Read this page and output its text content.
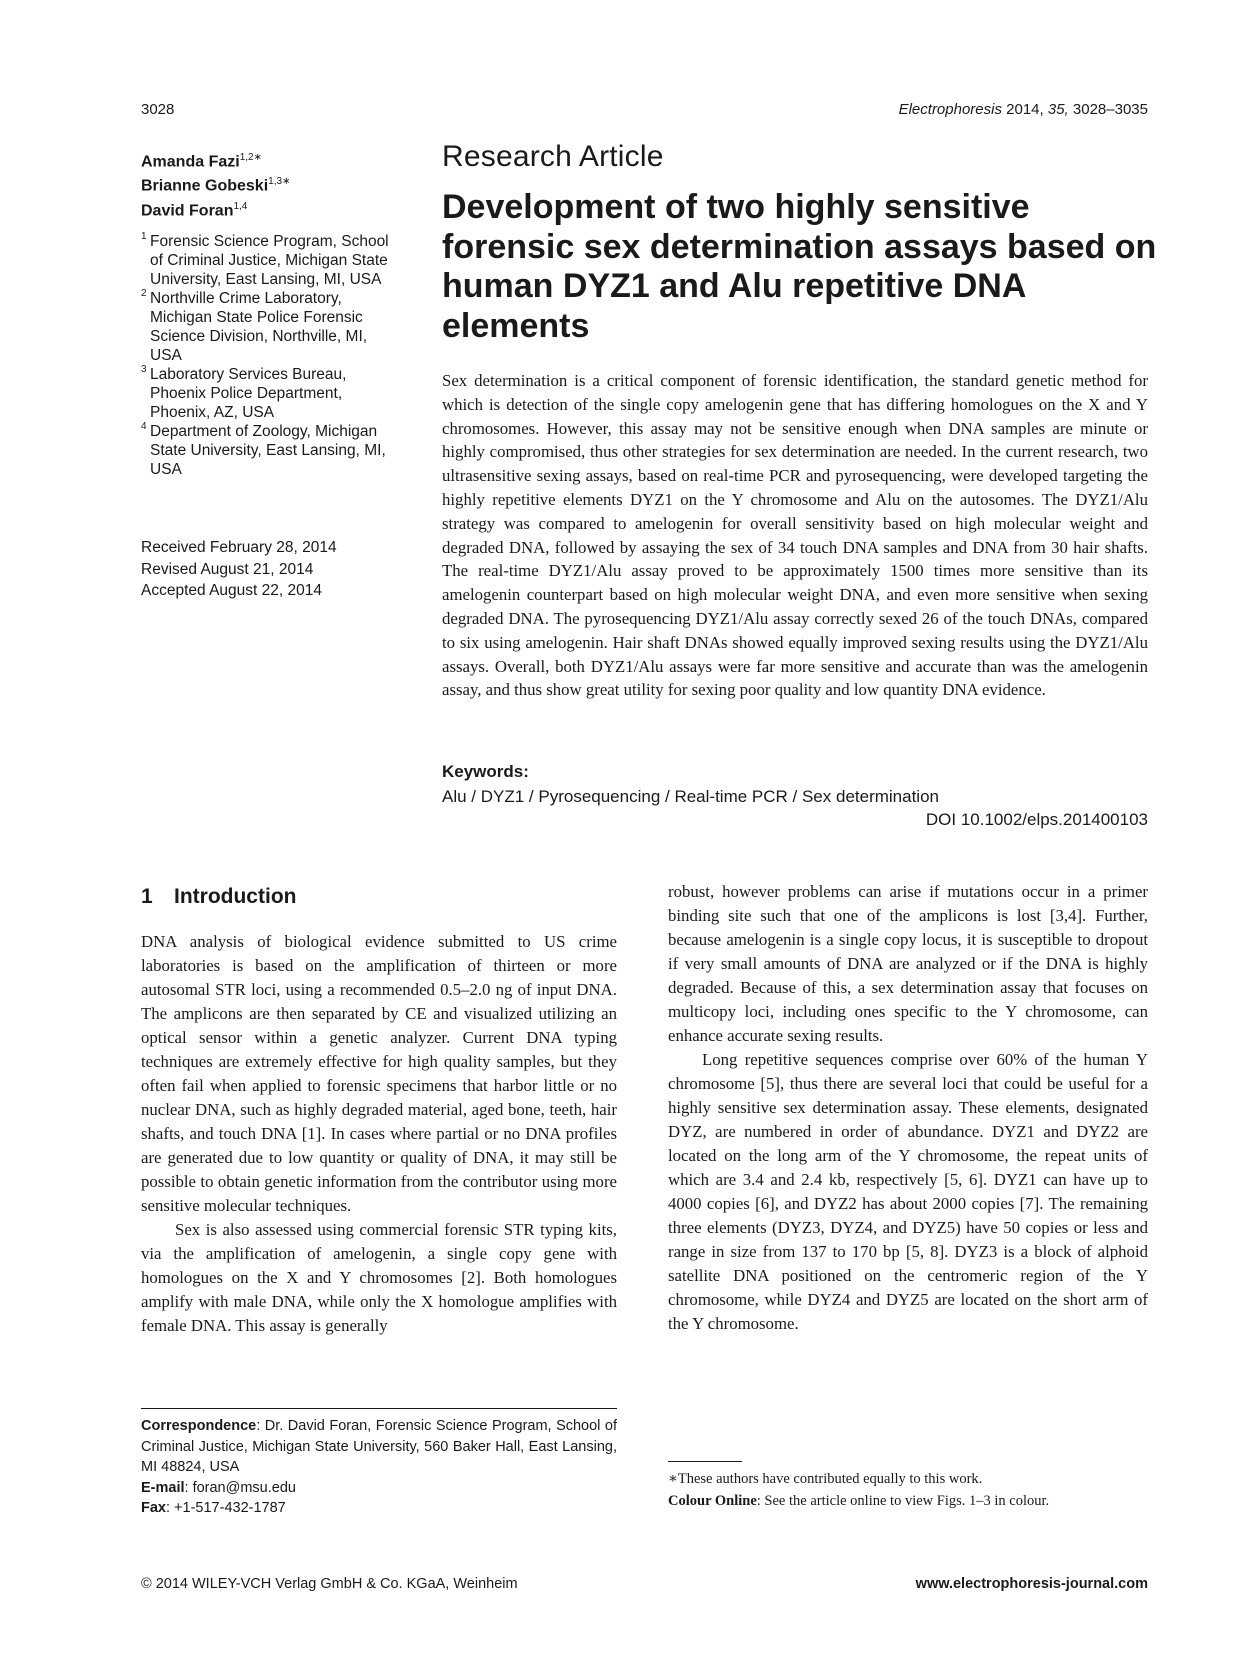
3028	Electrophoresis 2014, 35, 3028–3035
Amanda Fazi$^{1,2∗}$
Brianne Gobeski$^{1,3∗}$
David Foran$^{1,4}$
1 Forensic Science Program, School of Criminal Justice, Michigan State University, East Lansing, MI, USA
2 Northville Crime Laboratory, Michigan State Police Forensic Science Division, Northville, MI, USA
3 Laboratory Services Bureau, Phoenix Police Department, Phoenix, AZ, USA
4 Department of Zoology, Michigan State University, East Lansing, MI, USA
Received February 28, 2014
Revised August 21, 2014
Accepted August 22, 2014
Research Article
Development of two highly sensitive forensic sex determination assays based on human DYZ1 and Alu repetitive DNA elements
Sex determination is a critical component of forensic identification, the standard genetic method for which is detection of the single copy amelogenin gene that has differing homologues on the X and Y chromosomes. However, this assay may not be sensitive enough when DNA samples are minute or highly compromised, thus other strategies for sex determination are needed. In the current research, two ultrasensitive sexing assays, based on real-time PCR and pyrosequencing, were developed targeting the highly repetitive elements DYZ1 on the Y chromosome and Alu on the autosomes. The DYZ1/Alu strategy was compared to amelogenin for overall sensitivity based on high molecular weight and degraded DNA, followed by assaying the sex of 34 touch DNA samples and DNA from 30 hair shafts. The real-time DYZ1/Alu assay proved to be approximately 1500 times more sensitive than its amelogenin counterpart based on high molecular weight DNA, and even more sensitive when sexing degraded DNA. The pyrosequencing DYZ1/Alu assay correctly sexed 26 of the touch DNAs, compared to six using amelogenin. Hair shaft DNAs showed equally improved sexing results using the DYZ1/Alu assays. Overall, both DYZ1/Alu assays were far more sensitive and accurate than was the amelogenin assay, and thus show great utility for sexing poor quality and low quantity DNA evidence.
Keywords:
Alu / DYZ1 / Pyrosequencing / Real-time PCR / Sex determination
DOI 10.1002/elps.201400103
1 Introduction

DNA analysis of biological evidence submitted to US crime laboratories is based on the amplification of thirteen or more autosomal STR loci, using a recommended 0.5–2.0 ng of input DNA. The amplicons are then separated by CE and visualized utilizing an optical sensor within a genetic analyzer. Current DNA typing techniques are extremely effective for high quality samples, but they often fail when applied to forensic specimens that harbor little or no nuclear DNA, such as highly degraded material, aged bone, teeth, hair shafts, and touch DNA [1]. In cases where partial or no DNA profiles are generated due to low quantity or quality of DNA, it may still be possible to obtain genetic information from the contributor using more sensitive molecular techniques.

Sex is also assessed using commercial forensic STR typing kits, via the amplification of amelogenin, a single copy gene with homologues on the X and Y chromosomes [2]. Both homologues amplify with male DNA, while only the X homologue amplifies with female DNA. This assay is generally

robust, however problems can arise if mutations occur in a primer binding site such that one of the amplicons is lost [3,4]. Further, because amelogenin is a single copy locus, it is susceptible to dropout if very small amounts of DNA are analyzed or if the DNA is highly degraded. Because of this, a sex determination assay that focuses on multicopy loci, including ones specific to the Y chromosome, can enhance accurate sexing results.

Long repetitive sequences comprise over 60% of the human Y chromosome [5], thus there are several loci that could be useful for a highly sensitive sex determination assay. These elements, designated DYZ, are numbered in order of abundance. DYZ1 and DYZ2 are located on the long arm of the Y chromosome, the repeat units of which are 3.4 and 2.4 kb, respectively [5, 6]. DYZ1 can have up to 4000 copies [6], and DYZ2 has about 2000 copies [7]. The remaining three elements (DYZ3, DYZ4, and DYZ5) have 50 copies or less and range in size from 137 to 170 bp [5, 8]. DYZ3 is a block of alphoid satellite DNA positioned on the centromeric region of the Y chromosome, while DYZ4 and DYZ5 are located on the short arm of the Y chromosome.

Correspondence: Dr. David Foran, Forensic Science Program, School of Criminal Justice, Michigan State University, 560 Baker Hall, East Lansing, MI 48824, USA
E-mail: foran@msu.edu
Fax: +1-517-432-1787
∗These authors have contributed equally to this work.
Colour Online: See the article online to view Figs. 1–3 in colour.
© 2014 WILEY-VCH Verlag GmbH & Co. KGaA, Weinheim	www.electrophoresis-journal.com
